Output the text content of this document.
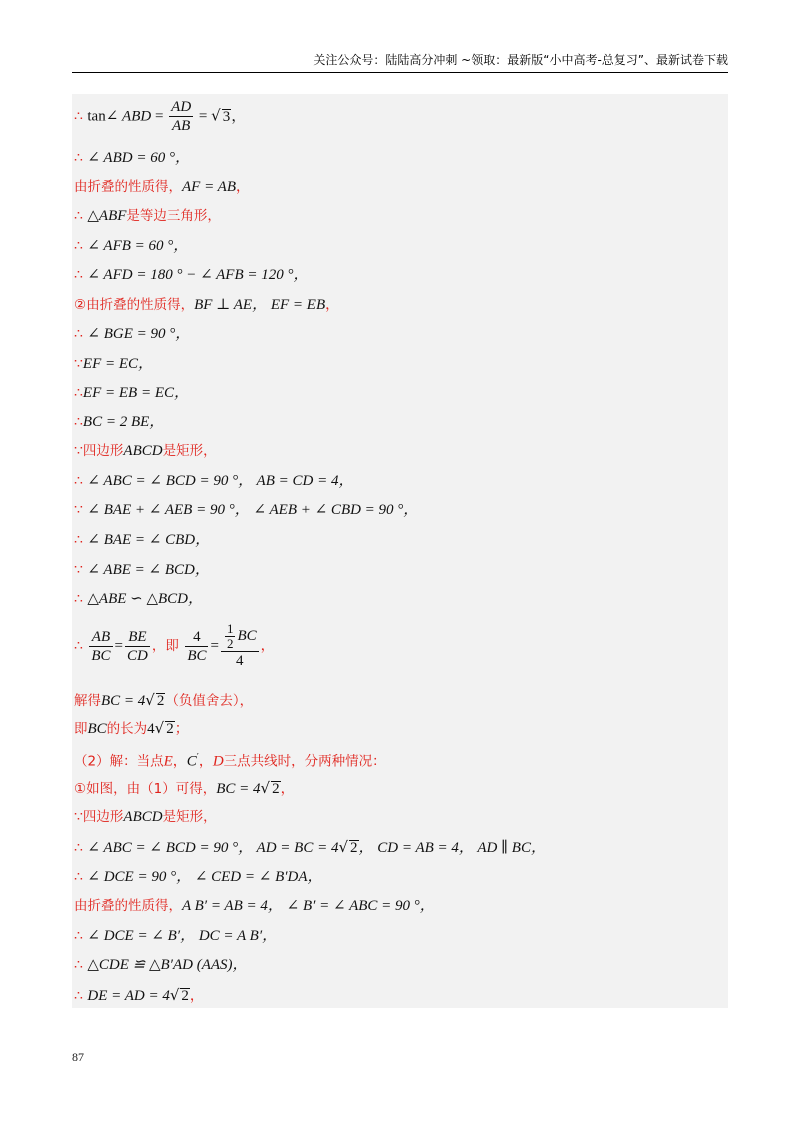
关注公众号：陆陆高分冲刺 ~领取：最新版“小中高考-总复习”、最新试卷下载
∴ tan∠ ABD = $\frac{AD}{AB}$ = √ 3，
∴ ∠ ABD = 60 °，
由折叠的性质得，AF = AB，
∴ △ABF是等边三角形，
∴ ∠ AFB = 60 °，
∴ ∠ AFD = 180 ° − ∠ AFB = 120 °，
②由折叠的性质得，BF ⊥ AE， EF = EB，
∴ ∠ BGE = 90 °，
∵EF = EC，
∴EF = EB = EC，
∴BC = 2 BE，
∵四边形ABCD是矩形，
∴ ∠ ABC = ∠ BCD = 90 °， AB = CD = 4，
∵ ∠ BAE + ∠ AEB = 90 °， ∠ AEB + ∠ CBD = 90 °，
∴ ∠ BAE = ∠ CBD，
∵ ∠ ABE = ∠ BCD，
∴ △ABE ∽ △BCD，
∴ $\frac{AB}{BC} = \frac{BE}{CD}$ ，即 $\frac{4}{BC} = \frac{\frac{1}{2} BC}{4}$ ，
解得BC = 4√ 2（负值舍去），
即BC的长为4√ 2；
（2）解：当点E，C′，D三点共线时，分两种情况：
①如图，由（1）可得，BC = 4√ 2，
∵四边形ABCD是矩形，
∴ ∠ ABC = ∠ BCD = 90 °， AD = BC = 4√ 2， CD = AB = 4， AD ∥ BC，
∴ ∠ DCE = 90 °， ∠ CED = ∠ B′DA，
由折叠的性质得，A B′ = AB = 4， ∠ B′ = ∠ ABC = 90 °，
∴ ∠ DCE = ∠ B′， DC = A B′，
∴ △CDE ≌ △B′AD (AAS)，
∴ DE = AD = 4√ 2，
87
